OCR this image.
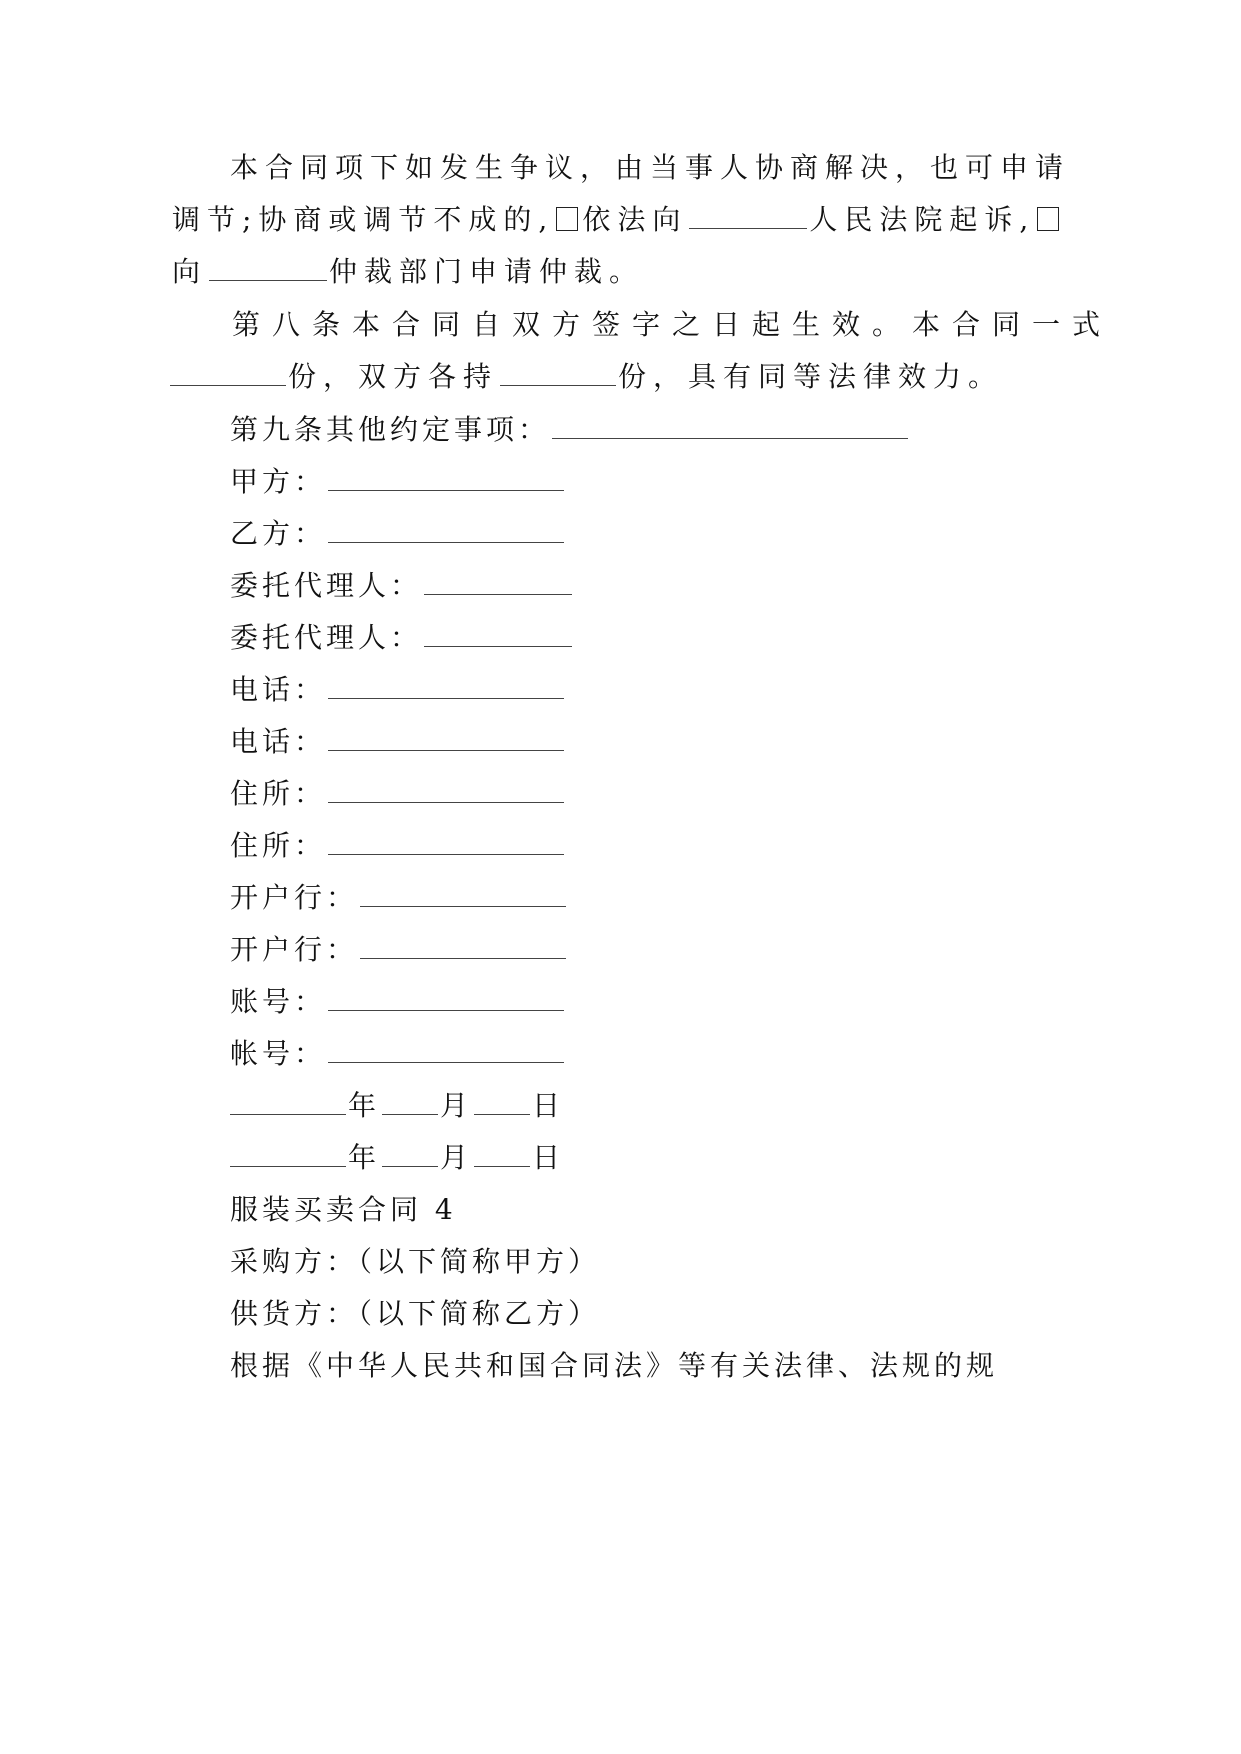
本合同项下如发生争议，由当事人协商解决，也可申请
调节;协商或调节不成的, 依法向	人民法院起诉,
向	仲裁部门申请仲裁。
第八条本合同自双方签字之日起生效。本合同一式
份，双方各持	份，具有同等法律效力。
第九条其他约定事项：
甲方：
乙方：
委托代理人：
委托代理人：
电话：
电话：
住所：
住所：
开户行：
开户行：
账号：
帐号：
年 月 日
年 月 日
服装买卖合同 4
采购方：（以下简称甲方）
供货方：（以下简称乙方）
根据《中华人民共和国合同法》等有关法律、法规的规
